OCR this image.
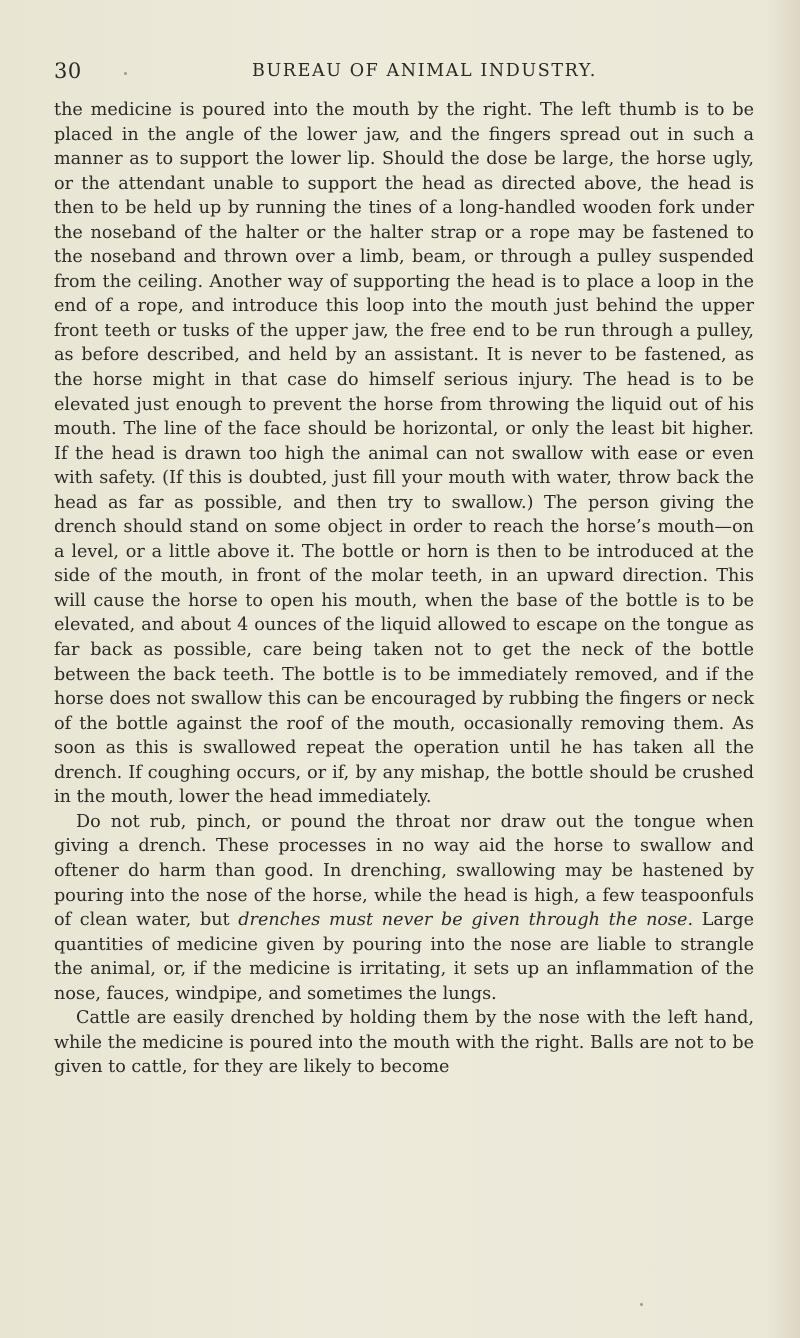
30	BUREAU OF ANIMAL INDUSTRY.

the medicine is poured into the mouth by the right. The left thumb is to be placed in the angle of the lower jaw, and the fingers spread out in such a manner as to support the lower lip. Should the dose be large, the horse ugly, or the attendant unable to support the head as directed above, the head is then to be held up by running the tines of a long-handled wooden fork under the noseband of the halter or the halter strap or a rope may be fastened to the noseband and thrown over a limb, beam, or through a pulley suspended from the ceiling. Another way of supporting the head is to place a loop in the end of a rope, and introduce this loop into the mouth just behind the upper front teeth or tusks of the upper jaw, the free end to be run through a pulley, as before described, and held by an assistant. It is never to be fastened, as the horse might in that case do himself serious injury. The head is to be elevated just enough to prevent the horse from throwing the liquid out of his mouth. The line of the face should be horizontal, or only the least bit higher. If the head is drawn too high the animal can not swallow with ease or even with safety. (If this is doubted, just fill your mouth with water, throw back the head as far as possible, and then try to swallow.) The person giving the drench should stand on some object in order to reach the horse’s mouth—on a level, or a little above it. The bottle or horn is then to be introduced at the side of the mouth, in front of the molar teeth, in an upward direction. This will cause the horse to open his mouth, when the base of the bottle is to be elevated, and about 4 ounces of the liquid allowed to escape on the tongue as far back as possible, care being taken not to get the neck of the bottle between the back teeth. The bottle is to be immediately removed, and if the horse does not swallow this can be encouraged by rubbing the fingers or neck of the bottle against the roof of the mouth, occasionally removing them. As soon as this is swallowed repeat the operation until he has taken all the drench. If coughing occurs, or if, by any mishap, the bottle should be crushed in the mouth, lower the head immediately.

Do not rub, pinch, or pound the throat nor draw out the tongue when giving a drench. These processes in no way aid the horse to swallow and oftener do harm than good. In drenching, swallowing may be hastened by pouring into the nose of the horse, while the head is high, a few teaspoonfuls of clean water, but drenches must never be given through the nose. Large quantities of medicine given by pouring into the nose are liable to strangle the animal, or, if the medicine is irritating, it sets up an inflammation of the nose, fauces, windpipe, and sometimes the lungs.

Cattle are easily drenched by holding them by the nose with the left hand, while the medicine is poured into the mouth with the right. Balls are not to be given to cattle, for they are likely to become
